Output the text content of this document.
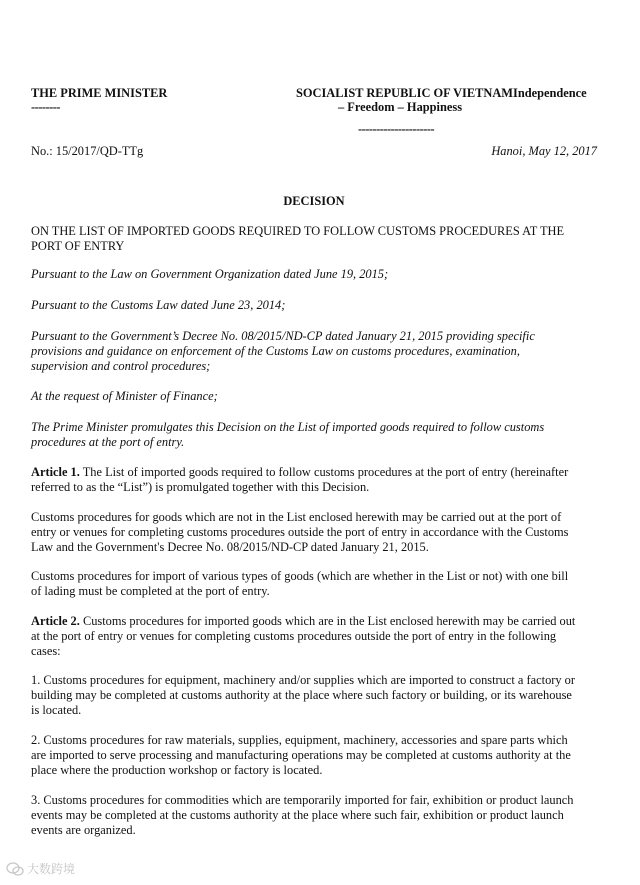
THE PRIME MINISTER
--------
SOCIALIST REPUBLIC OF VIETNAMIndependence
– Freedom – Happiness
---------------------
No.: 15/2017/QD-TTg	Hanoi, May 12, 2017
DECISION
ON THE LIST OF IMPORTED GOODS REQUIRED TO FOLLOW CUSTOMS PROCEDURES AT THE
PORT OF ENTRY
Pursuant to the Law on Government Organization dated June 19, 2015;
Pursuant to the Customs Law dated June 23, 2014;
Pursuant to the Government’s Decree No. 08/2015/ND-CP dated January 21, 2015 providing specific
provisions and guidance on enforcement of the Customs Law on customs procedures, examination,
supervision and control procedures;
At the request of Minister of Finance;
The Prime Minister promulgates this Decision on the List of imported goods required to follow customs
procedures at the port of entry.
Article 1. The List of imported goods required to follow customs procedures at the port of entry (hereinafter
referred to as the “List”) is promulgated together with this Decision.
Customs procedures for goods which are not in the List enclosed herewith may be carried out at the port of
entry or venues for completing customs procedures outside the port of entry in accordance with the Customs
Law and the Government's Decree No. 08/2015/ND-CP dated January 21, 2015.
Customs procedures for import of various types of goods (which are whether in the List or not) with one bill
of lading must be completed at the port of entry.
Article 2. Customs procedures for imported goods which are in the List enclosed herewith may be carried out
at the port of entry or venues for completing customs procedures outside the port of entry in the following
cases:
1. Customs procedures for equipment, machinery and/or supplies which are imported to construct a factory or
building may be completed at customs authority at the place where such factory or building, or its warehouse
is located.
2. Customs procedures for raw materials, supplies, equipment, machinery, accessories and spare parts which
are imported to serve processing and manufacturing operations may be completed at customs authority at the
place where the production workshop or factory is located.
3. Customs procedures for commodities which are temporarily imported for fair, exhibition or product launch
events may be completed at the customs authority at the place where such fair, exhibition or product launch
events are organized.
大数跨境
